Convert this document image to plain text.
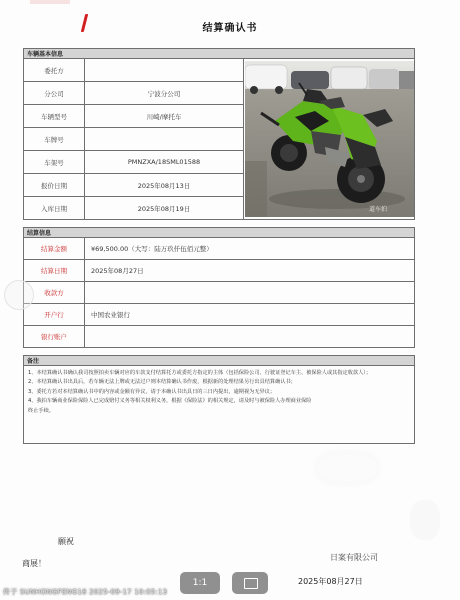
结算确认书
车辆基本信息		
委托方		道车拍

分公司	宁波分公司	
车辆型号	川崎/摩托车	
车牌号		
车架号	PMNZXA/18SML01588	
报价日期	2025年08月13日	
入库日期	2025年08月19日	
结算信息	
结算金额	¥69,500.00（大写：陆万玖仟伍佰元整）
结算日期	2025年08月27日
收款方	
开户行	中国农业银行
银行账户	
备注

1、本结算确认书确认我司按照拍卖车辆对应的车款支付结算托方或委托方指定的主体（包括保险公司、行驶证登记车主、被保险人或其指定收款人）；
2、本结算确认书出具后，若车辆无法上牌或无法过户则本结算确认书作废，根据新的处理结果另行出具结算确认书；
3、委托方若对本结算确认书中的内容或金额有异议，请于本确认书出具日的三日内提出，逾期视为无异议；
4、我拍车辆商业保险保险人已完成赔付义务等相关权利义务，根据《保险法》的相关规定，请及时与被保险人办理商业保险
终止手续。
願祝
商展！
日案有限公司
2025年08月27日
传于 SUNHONGFENG18 2025-09-17 10:05:13
1:1
